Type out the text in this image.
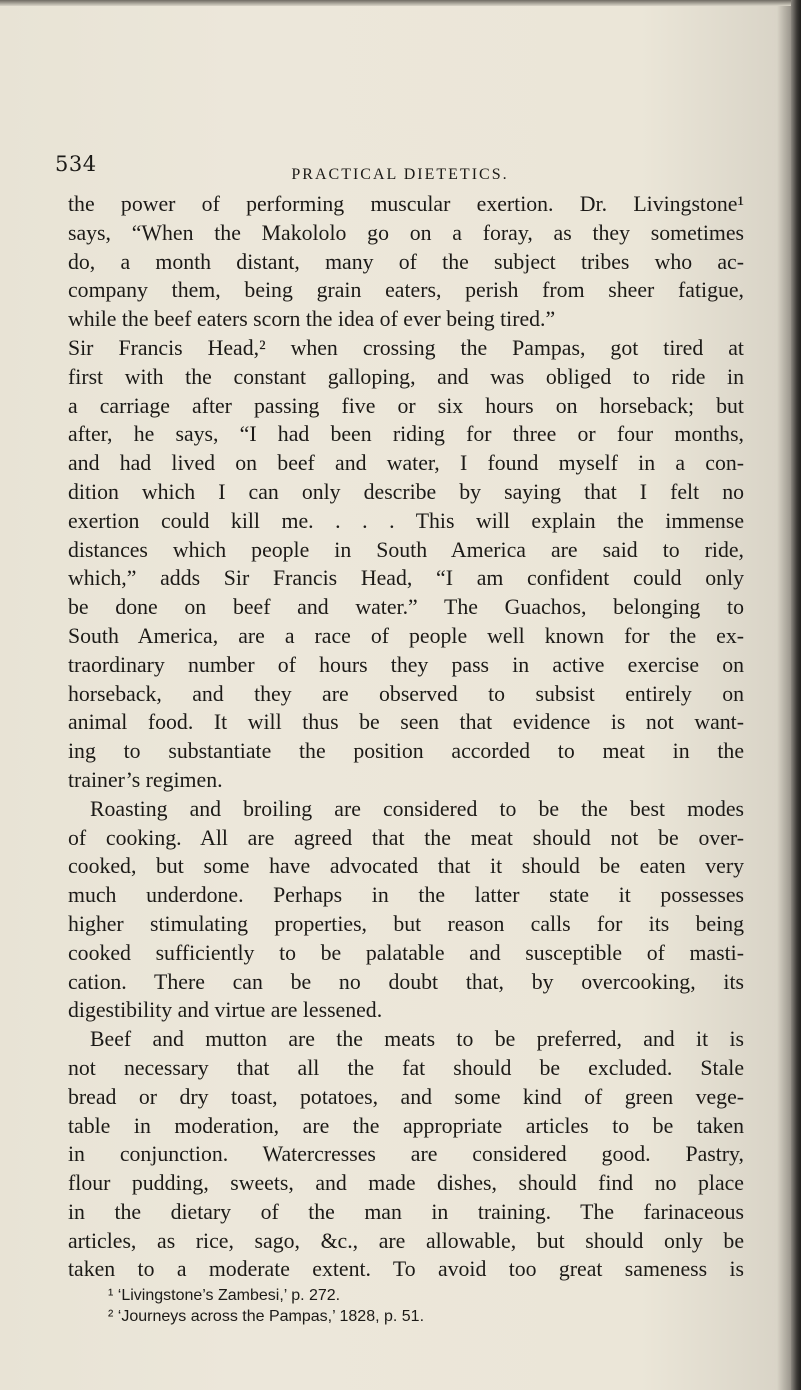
534	PRACTICAL DIETETICS.
the power of performing muscular exertion. Dr. Livingstone¹
says, “When the Makololo go on a foray, as they sometimes
do, a month distant, many of the subject tribes who ac-
company them, being grain eaters, perish from sheer fatigue,
while the beef eaters scorn the idea of ever being tired.”
Sir Francis Head,² when crossing the Pampas, got tired at
first with the constant galloping, and was obliged to ride in
a carriage after passing five or six hours on horseback; but
after, he says, “I had been riding for three or four months,
and had lived on beef and water, I found myself in a con-
dition which I can only describe by saying that I felt no
exertion could kill me. . . . This will explain the immense
distances which people in South America are said to ride,
which,” adds Sir Francis Head, “I am confident could only
be done on beef and water.” The Guachos, belonging to
South America, are a race of people well known for the ex-
traordinary number of hours they pass in active exercise on
horseback, and they are observed to subsist entirely on
animal food. It will thus be seen that evidence is not want-
ing to substantiate the position accorded to meat in the
trainer’s regimen.
Roasting and broiling are considered to be the best modes
of cooking. All are agreed that the meat should not be over-
cooked, but some have advocated that it should be eaten very
much underdone. Perhaps in the latter state it possesses
higher stimulating properties, but reason calls for its being
cooked sufficiently to be palatable and susceptible of masti-
cation. There can be no doubt that, by overcooking, its
digestibility and virtue are lessened.
Beef and mutton are the meats to be preferred, and it is
not necessary that all the fat should be excluded. Stale
bread or dry toast, potatoes, and some kind of green vege-
table in moderation, are the appropriate articles to be taken
in conjunction. Watercresses are considered good. Pastry,
flour pudding, sweets, and made dishes, should find no place
in the dietary of the man in training. The farinaceous
articles, as rice, sago, &c., are allowable, but should only be
taken to a moderate extent. To avoid too great sameness is
¹ ‘Livingstone’s Zambesi,’ p. 272.
² ‘Journeys across the Pampas,’ 1828, p. 51.
